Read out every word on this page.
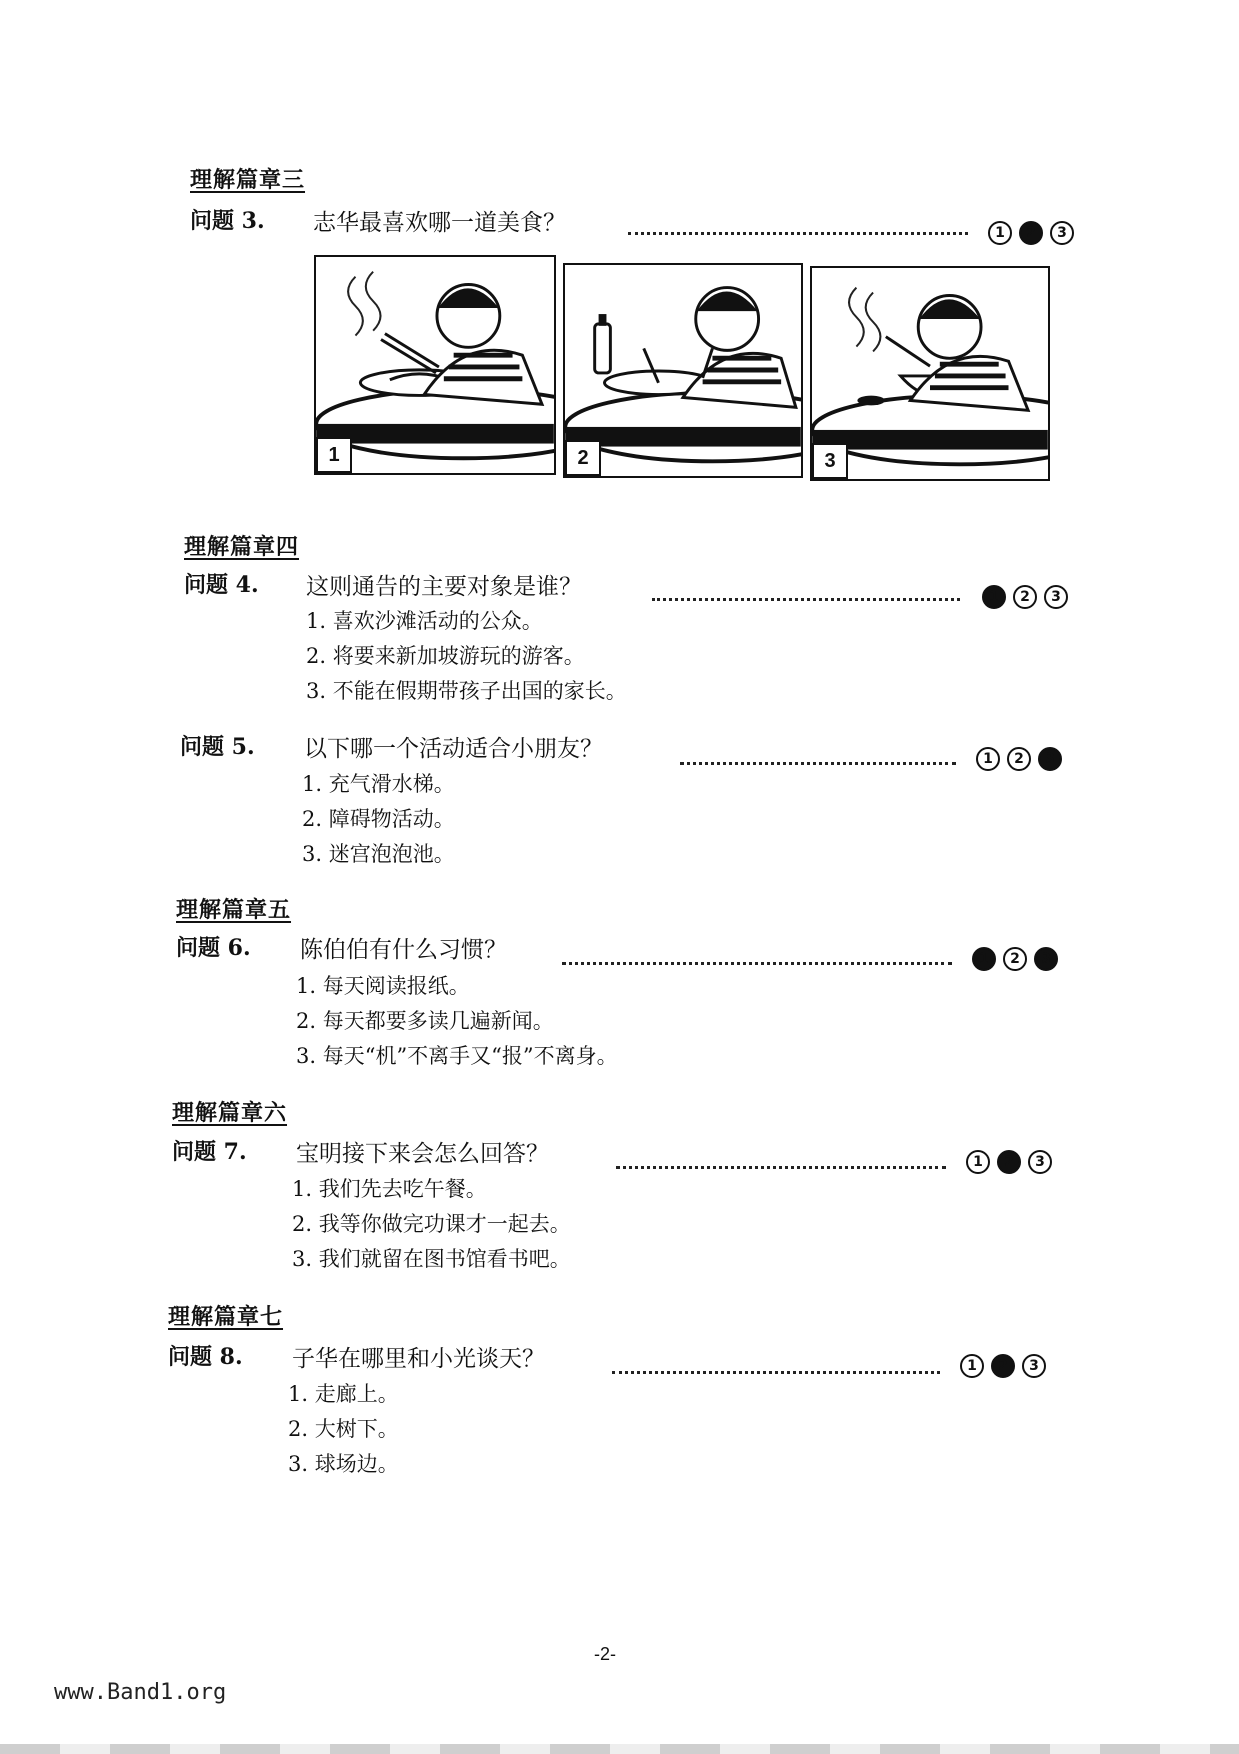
理解篇章三
问题 3. 志华最喜欢哪一道美食？	1 2 3
1	2	3
理解篇章四
问题 4. 这则通告的主要对象是谁？	1 2 3
1. 喜欢沙滩活动的公众。
2. 将要来新加坡游玩的游客。
3. 不能在假期带孩子出国的家长。
问题 5. 以下哪一个活动适合小朋友？	1 2 3
1. 充气滑水梯。
2. 障碍物活动。
3. 迷宫泡泡池。
理解篇章五
问题 6. 陈伯伯有什么习惯？	1 2 3
1. 每天阅读报纸。
2. 每天都要多读几遍新闻。
3. 每天“机”不离手又“报”不离身。
理解篇章六
问题 7. 宝明接下来会怎么回答？	1 2 3
1. 我们先去吃午餐。
2. 我等你做完功课才一起去。
3. 我们就留在图书馆看书吧。
理解篇章七
问题 8. 子华在哪里和小光谈天？	1 2 3
1. 走廊上。
2. 大树下。
3. 球场边。
-2-
www.Band1.org
